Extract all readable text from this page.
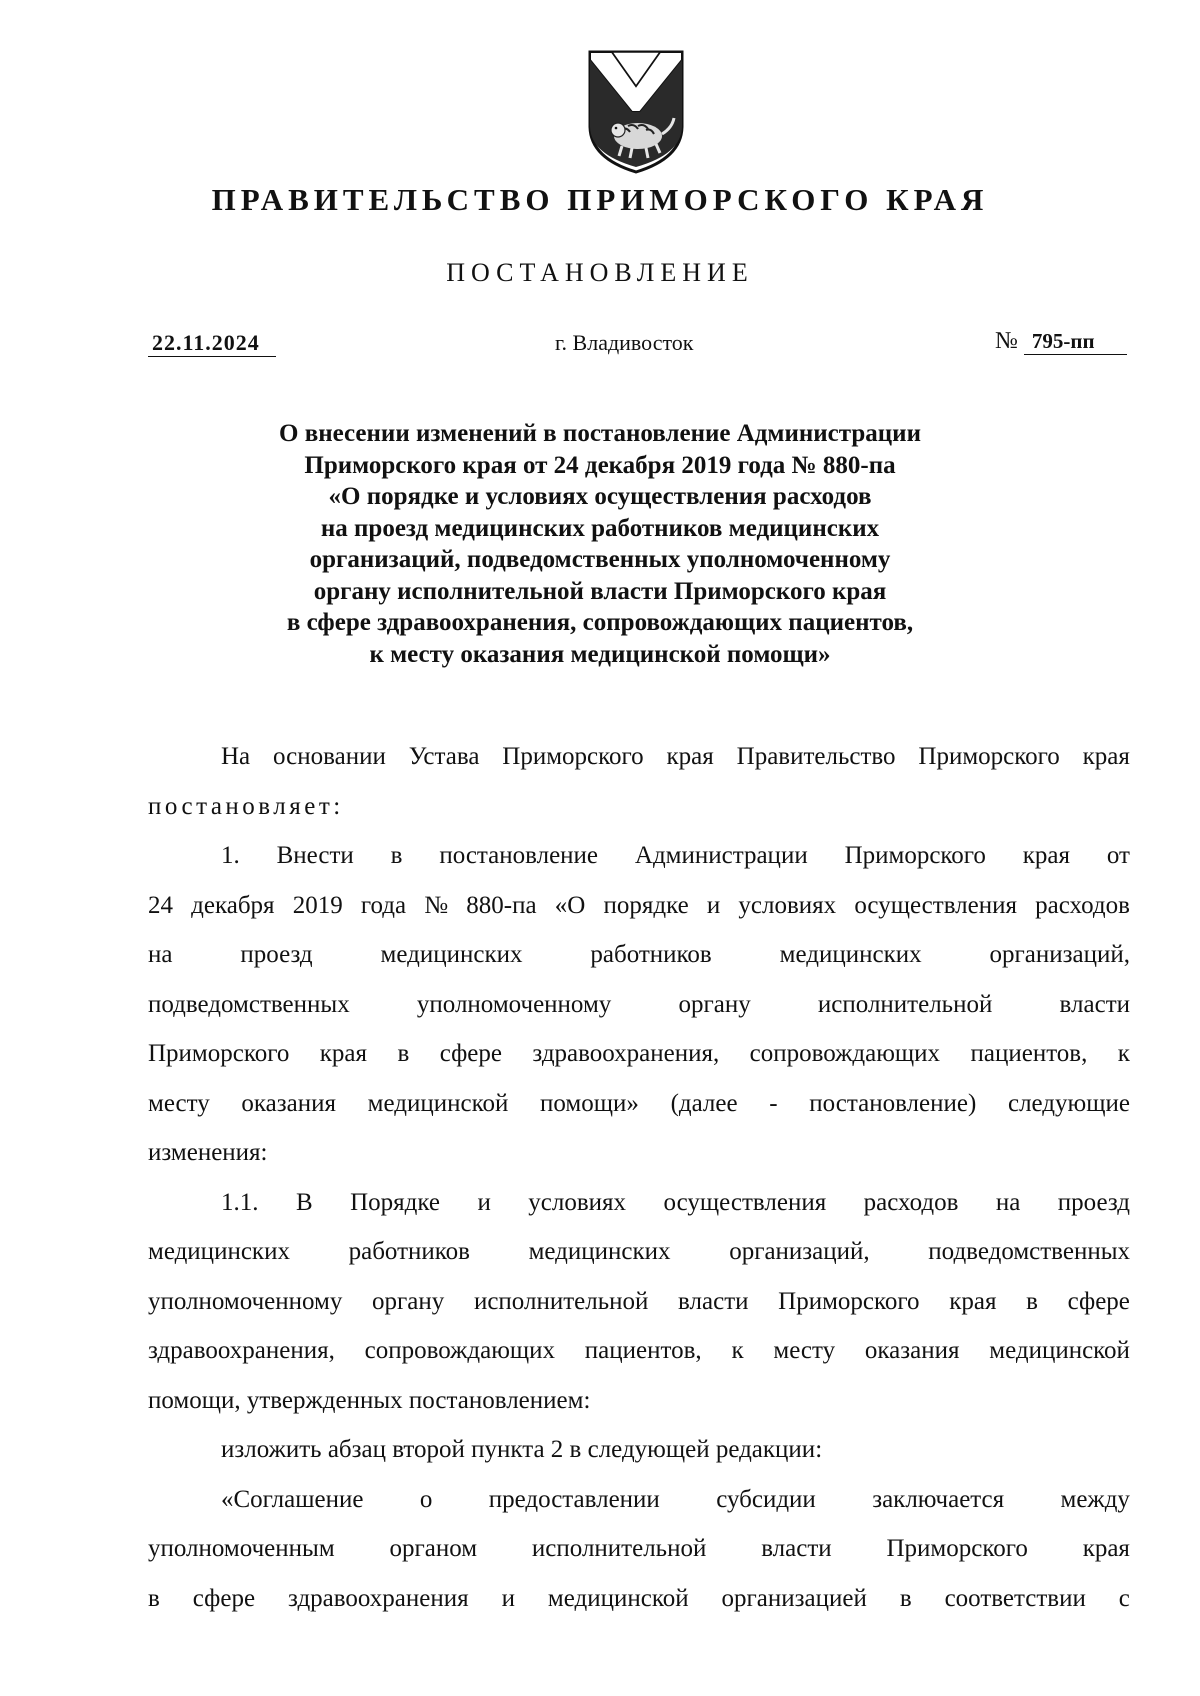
ПРАВИТЕЛЬСТВО ПРИМОРСКОГО КРАЯ
ПОСТАНОВЛЕНИЕ
22.11.2024	г. Владивосток	№ 795-пп
О внесении изменений в постановление Администрации
Приморского края от 24 декабря 2019 года № 880-па
«О порядке и условиях осуществления расходов
на проезд медицинских работников медицинских
организаций, подведомственных уполномоченному
органу исполнительной власти Приморского края
в сфере здравоохранения, сопровождающих пациентов,
к месту оказания медицинской помощи»
На основании Устава Приморского края Правительство Приморского края
постановляет:
1. Внести в постановление Администрации Приморского края от
24 декабря 2019 года № 880-па «О порядке и условиях осуществления расходов
на	проезд	медицинских	работников	медицинских	организаций,
подведомственных	уполномоченному	органу	исполнительной	власти
Приморского края в сфере здравоохранения, сопровождающих пациентов, к
месту оказания медицинской помощи» (далее - постановление) следующие
изменения:
1.1. В Порядке и условиях осуществления расходов на проезд
медицинских работников медицинских организаций, подведомственных
уполномоченному органу исполнительной власти Приморского края в сфере
здравоохранения, сопровождающих пациентов, к месту оказания медицинской
помощи, утвержденных постановлением:
изложить абзац второй пункта 2 в следующей редакции:
«Соглашение о предоставлении субсидии заключается между
уполномоченным органом исполнительной власти Приморского края
в сфере здравоохранения и медицинской организацией в соответствии с
